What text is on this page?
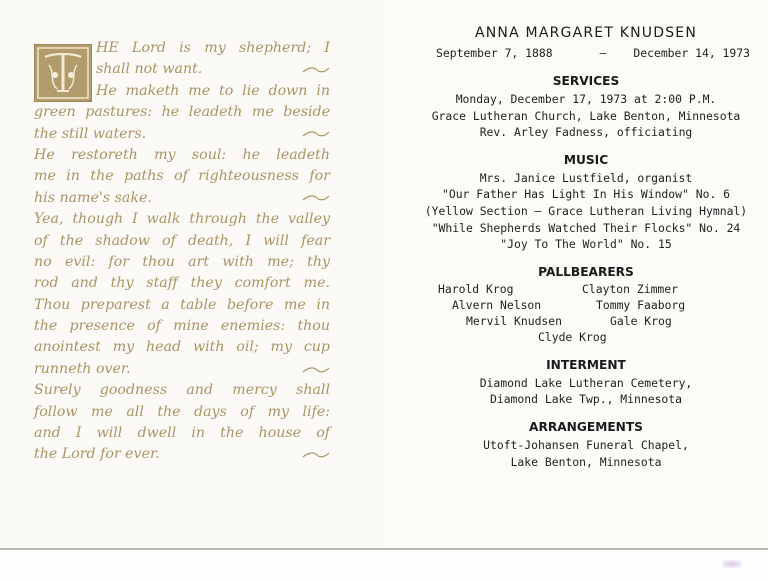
HE Lord is my shepherd; I
shall not want.
He maketh me to lie down in
green pastures: he leadeth me beside
the still waters.
He restoreth my soul: he leadeth
me in the paths of righteousness for
his name's sake.
Yea, though I walk through the valley
of the shadow of death, I will fear
no evil: for thou art with me; thy
rod and thy staff they comfort me.
Thou preparest a table before me in
the presence of mine enemies: thou
anointest my head with oil; my cup
runneth over.
Surely goodness and mercy shall
follow me all the days of my life:
and I will dwell in the house of
the Lord for ever.
ANNA MARGARET KNUDSEN
September 7, 1888	— December 14, 1973
SERVICES
Monday, December 17, 1973 at 2:00 P.M.
Grace Lutheran Church, Lake Benton, Minnesota
Rev. Arley Fadness, officiating
MUSIC
Mrs. Janice Lustfield, organist
"Our Father Has Light In His Window" No. 6
(Yellow Section — Grace Lutheran Living Hymnal)
"While Shepherds Watched Their Flocks" No. 24
"Joy To The World" No. 15
PALLBEARERS
Harold Krog	Clayton Zimmer
Alvern Nelson	Tommy Faaborg
Mervil Knudsen	Gale Krog
Clyde Krog
INTERMENT
Diamond Lake Lutheran Cemetery,
Diamond Lake Twp., Minnesota
ARRANGEMENTS
Utoft-Johansen Funeral Chapel,
Lake Benton, Minnesota
